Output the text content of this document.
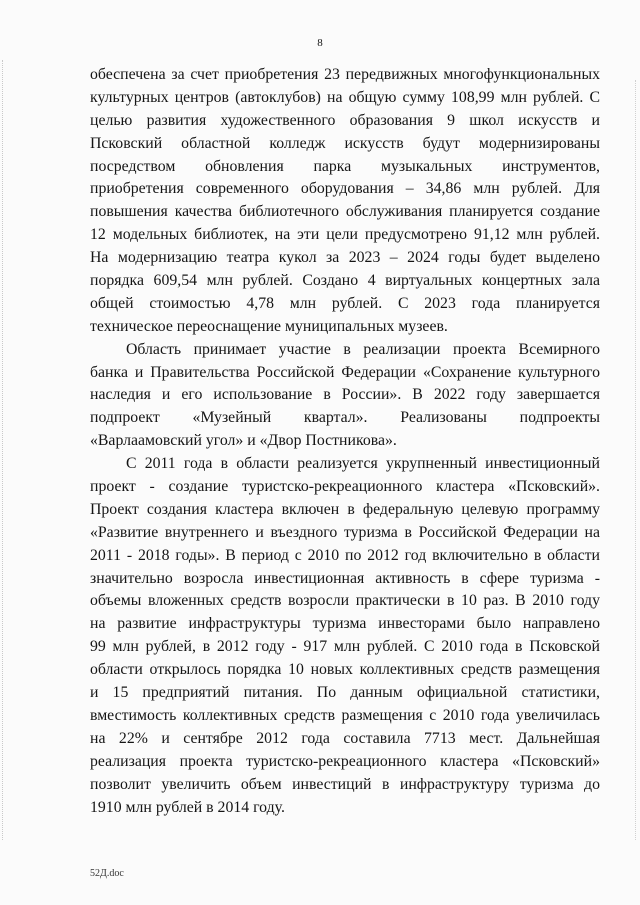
8
обеспечена за счет приобретения 23 передвижных многофункциональных
культурных центров (автоклубов) на общую сумму 108,99 млн рублей. С
целью развития художественного образования 9 школ искусств и
Псковский областной колледж искусств будут модернизированы
посредством обновления парка музыкальных инструментов,
приобретения современного оборудования – 34,86 млн рублей. Для
повышения качества библиотечного обслуживания планируется создание
12 модельных библиотек, на эти цели предусмотрено 91,12 млн рублей.
На модернизацию театра кукол за 2023 – 2024 годы будет выделено
порядка 609,54 млн рублей. Создано 4 виртуальных концертных зала
общей стоимостью 4,78 млн рублей. С 2023 года планируется
техническое переоснащение муниципальных музеев.
Область принимает участие в реализации проекта Всемирного
банка и Правительства Российской Федерации «Сохранение культурного
наследия и его использование в России». В 2022 году завершается
подпроект «Музейный квартал». Реализованы подпроекты
«Варлаамовский угол» и «Двор Постникова».
С 2011 года в области реализуется укрупненный инвестиционный
проект - создание туристско-рекреационного кластера «Псковский».
Проект создания кластера включен в федеральную целевую программу
«Развитие внутреннего и въездного туризма в Российской Федерации на
2011 - 2018 годы». В период с 2010 по 2012 год включительно в области
значительно возросла инвестиционная активность в сфере туризма -
объемы вложенных средств возросли практически в 10 раз. В 2010 году
на развитие инфраструктуры туризма инвесторами было направлено
99 млн рублей, в 2012 году - 917 млн рублей. С 2010 года в Псковской
области открылось порядка 10 новых коллективных средств размещения
и 15 предприятий питания. По данным официальной статистики,
вместимость коллективных средств размещения с 2010 года увеличилась
на 22% и сентябре 2012 года составила 7713 мест. Дальнейшая
реализация проекта туристско-рекреационного кластера «Псковский»
позволит увеличить объем инвестиций в инфраструктуру туризма до
1910 млн рублей в 2014 году.
52Д.doc
